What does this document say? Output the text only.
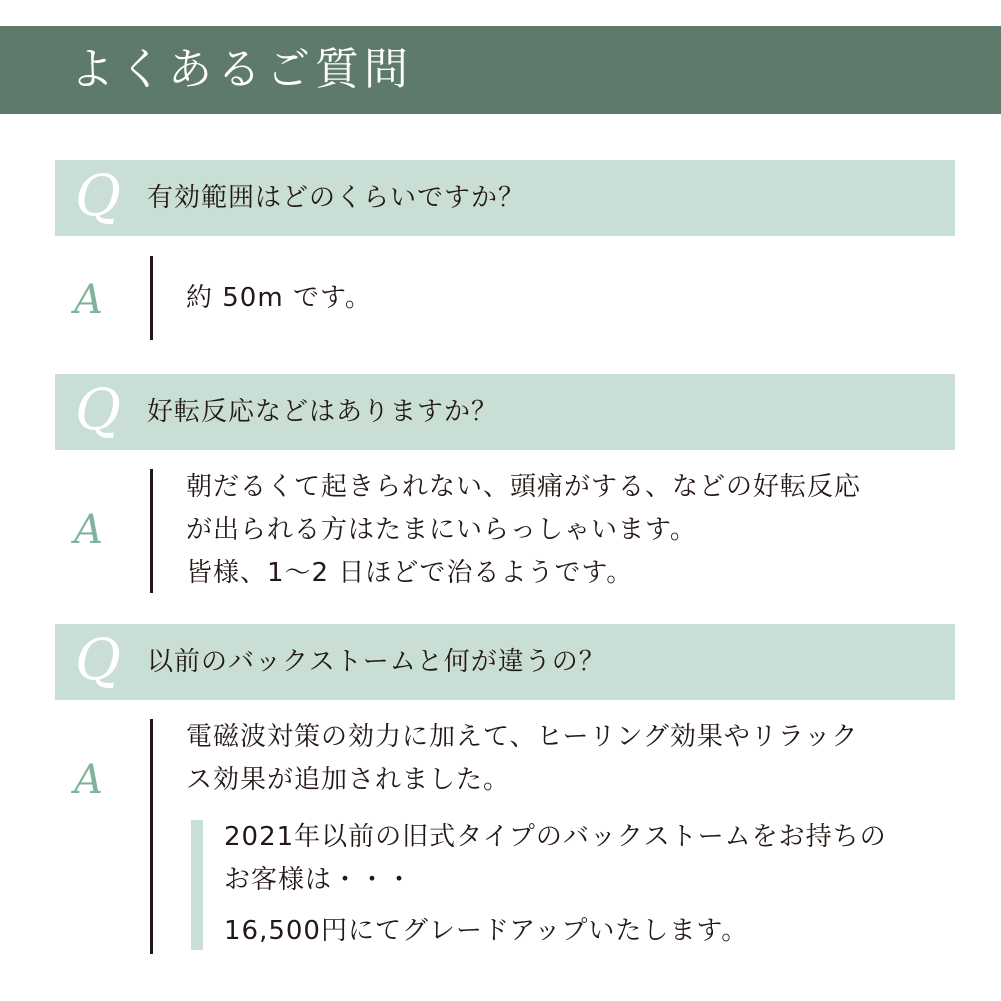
よくあるご質問
Q 有効範囲はどのくらいですか？
A	約 50m です。
Q 好転反応などはありますか？
A
朝だるくて起きられない、頭痛がする、などの好転反応
が出られる方はたまにいらっしゃいます。
皆様、1～2 日ほどで治るようです。
Q 以前のバックストームと何が違うの？
A
電磁波対策の効力に加えて、ヒーリング効果やリラック
ス効果が追加されました。
2021年以前の旧式タイプのバックストームをお持ちの
お客様は・・・
16,500円にてグレードアップいたします。
